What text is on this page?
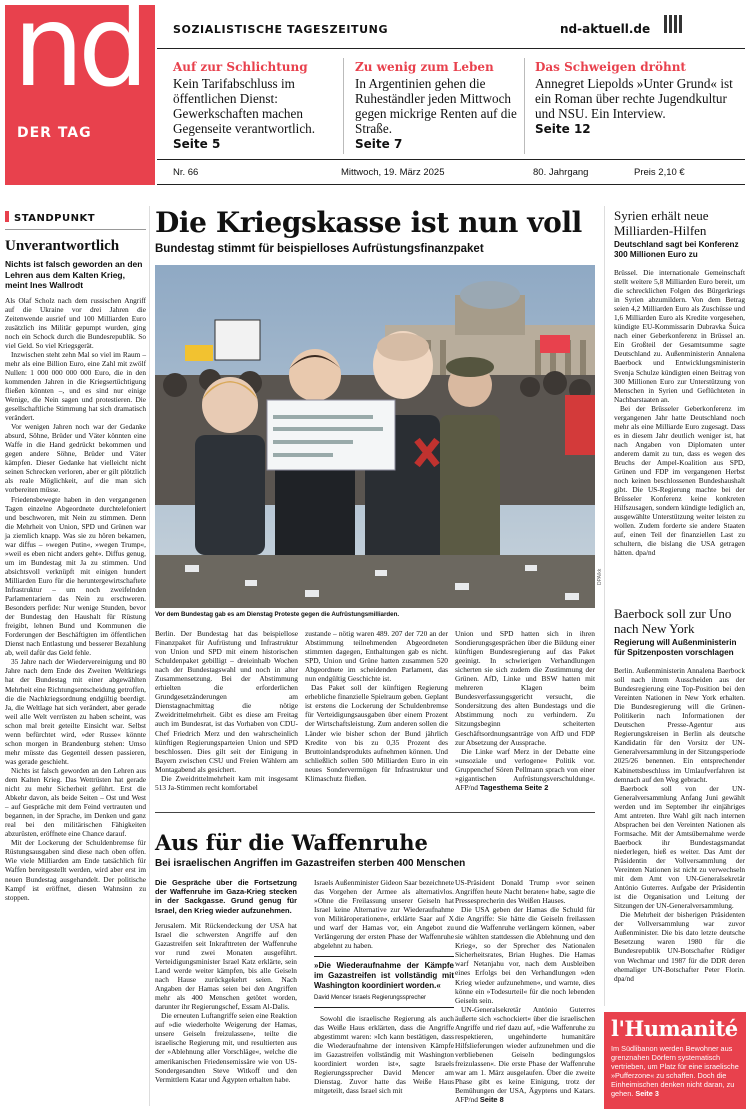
nd
DER TAG
SOZIALISTISCHE TAGESZEITUNG	nd-aktuell.de
Auf zur Schlichtung
Kein Tarifabschluss im öffentlichen Dienst: Gewerkschaften machen Gegenseite verantwortlich.
Seite 5
Zu wenig zum Leben
In Argentinien gehen die Ruheständler jeden Mittwoch gegen mickrige Renten auf die Straße.
Seite 7
Das Schweigen dröhnt
Annegret Liepolds »Unter Grund« ist ein Roman über rechte Jugendkultur und NSU. Ein Interview.
Seite 12
Nr. 66	Mittwoch, 19. März 2025	80. Jahrgang	Preis 2,10 €
STANDPUNKT
Unverantwortlich
Nichts ist falsch geworden an den Lehren aus dem Kalten Krieg, meint Ines Wallrodt

Als Olaf Scholz nach dem russischen Angriff auf die Ukraine vor drei Jahren die Zeitenwende ausrief und 100 Milliarden Euro zusätzlich ins Militär gepumpt wurden, ging noch ein Schock durch die Bundesrepublik. So viel Geld. So viel Kriegsgerät.

Inzwischen steht zehn Mal so viel im Raum – mehr als eine Billion Euro, eine Zahl mit zwölf Nullen: 1 000 000 000 000 Euro, die in den kommenden Jahren in die Kriegsertüchtigung fließen könnten –, und es sind nur einige Wenige, die Nein sagen und protestieren. Die gesellschaftliche Stimmung hat sich dramatisch verändert.

Vor wenigen Jahren noch war der Gedanke absurd, Söhne, Brüder und Väter könnten eine Waffe in die Hand gedrückt bekommen und gegen andere Söhne, Brüder und Väter kämpfen. Dieser Gedanke hat vielleicht nicht seinen Schrecken verloren, aber er gilt plötzlich als reale Möglichkeit, auf die man sich vorbereiten müsse.

Friedensbewegte haben in den vergangenen Tagen einzelne Abgeordnete durchtelefoniert und beschworen, mit Nein zu stimmen. Denn die Mehrheit von Union, SPD und Grünen war ja ziemlich knapp. Was sie zu hören bekamen, war diffus – »wegen Putin«, »wegen Trump«, »weil es eben nicht anders geht«. Diffus genug, um im Bundestag mit Ja zu stimmen. Und absichtsvoll verknüpft mit einigen hundert Milliarden Euro für die heruntergewirtschaftete Infrastruktur – um noch zweifelnden Parlamentariern das Nein zu erschweren. Besonders perfide: Nur wenige Stunden, bevor der Bundestag den Haushalt für Rüstung freigibt, lehnen Bund und Kommunen die Forderungen der Beschäftigten im öffentlichen Dienst nach Entlastung und besserer Bezahlung ab, weil dafür das Geld fehle.

35 Jahre nach der Wiedervereinigung und 80 Jahre nach dem Ende des Zweiten Weltkriegs hat der Bundestag mit einer abgewählten Mehrheit eine Richtungsentscheidung getroffen, die die Nachkriegsordnung endgültig beerdigt. Ja, die Weltlage hat sich verändert, aber gerade weil alle Welt verrüsten zu haben scheint, was schon mal breit geteilte Einsicht war. Selbst wenn befürchtet wird, »der Russe« könnte schon morgen in Brandenburg stehen: Umso mehr müsste das Gegenteil dessen passieren, was gerade geschieht.

Nichts ist falsch geworden an den Lehren aus dem Kalten Krieg. Das Wettrüsten hat gerade nicht zu mehr Sicherheit geführt. Erst die Abkehr davon, als beide Seiten – Ost und West – auf Gespräche mit dem Feind vertrauten und begannen, in der Sprache, im Denken und ganz real bei den militärischen Fähigkeiten abzurüsten, eröffnete eine Chance darauf.

Mit der Lockerung der Schuldenbremse für Rüstungsausgaben sind diese nach oben offen. Wie viele Milliarden am Ende tatsächlich für Waffen bereitgestellt werden, wird aber erst im neuen Bundestag ausgehandelt. Der politische Kampf ist eröffnet, diesen Wahnsinn zu stoppen.

Die Kriegskasse ist nun voll
Bundestag stimmt für beispielloses Aufrüstungsfinanzpaket
DPA/kk
Vor dem Bundestag gab es am Dienstag Proteste gegen die Aufrüstungsmilliarden.

Berlin. Der Bundestag hat das beispiellose Finanzpaket für Aufrüstung und Infrastruktur von Union und SPD mit einem historischen Schuldenpaket gebilligt – dreieinhalb Wochen nach der Bundestagswahl und noch in alter Zusammensetzung. Bei der Abstimmung erhielten die erforderlichen Grundgesetzänderungen am Dienstagnachmittag die nötige Zweidrittelmehrheit. Gibt es diese am Freitag auch im Bundesrat, ist das Vorhaben von CDU-Chef Friedrich Merz und den wahrscheinlich künftigen Regierungsparteien Union und SPD beschlossen. Dies gilt seit der Einigung in Bayern zwischen CSU und Freien Wählern am Montagabend als gesichert.

Die Zweidrittelmehrheit kam mit insgesamt 513 Ja-Stimmen recht komfortabel

zustande – nötig waren 489. 207 der 720 an der Abstimmung teilnehmenden Abgeordneten stimmten dagegen, Enthaltungen gab es nicht. SPD, Union und Grüne hatten zusammen 520 Abgeordnete im scheidenden Parlament, das nun endgültig Geschichte ist.

Das Paket soll der künftigen Regierung erhebliche finanzielle Spielraum geben. Geplant ist erstens die Lockerung der Schuldenbremse für Verteidigungsausgaben über einem Prozent der Wirtschaftsleistung. Zum anderen sollen die Länder wie bisher schon der Bund jährlich Kredite von bis zu 0,35 Prozent des Bruttoinlandsprodukts aufnehmen können. Und schließlich sollen 500 Milliarden Euro in ein neues Sondervermögen für Infrastruktur und Klimaschutz fließen.

Union und SPD hatten sich in ihren Sondierungsgesprächen über die Bildung einer künftigen Bundesregierung auf das Paket geeinigt. In schwierigen Verhandlungen sicherten sie sich zudem die Zustimmung der Grünen. AfD, Linke und BSW hatten mit mehreren Klagen beim Bundesverfassungsgericht versucht, die Sondersitzung des alten Bundestags und die Abstimmung noch zu verhindern. Zu Sitzungsbeginn scheiterten Geschäftsordnungsanträge von AfD und FDP zur Absetzung der Aussprache.

Die Linke warf Merz in der Debatte eine »unsoziale und verlogene« Politik vor. Gruppenchef Sören Pellmann sprach von einer »gigantischen Aufrüstungsverschuldung«. AFP/nd Tagesthema Seite 2

Aus für die Waffenruhe
Bei israelischen Angriffen im Gazastreifen sterben 400 Menschen
Die Gespräche über die Fortsetzung der Waffenruhe im Gaza-Krieg stecken in der Sackgasse. Grund genug für Israel, den Krieg wieder aufzunehmen.

Jerusalem. Mit Rückendeckung der USA hat Israel die schwersten Angriffe auf den Gazastreifen seit Inkrafttreten der Waffenruhe vor rund zwei Monaten ausgeführt. Verteidigungsminister Israel Katz erklärte, sein Land werde weiter kämpfen, bis alle Geiseln nach Hause zurückgekehrt seien. Nach Angaben der Hamas seien bei den Angriffen mehr als 400 Menschen getötet worden, darunter ihr Regierungschef, Essam Al-Dalis.

Die erneuten Luftangriffe seien eine Reaktion auf »die wiederholte Weigerung der Hamas, unsere Geiseln freizulassen«, teilte die israelische Regierung mit, und resultierten aus der »Ablehnung aller Vorschläge«, welche die amerikanischen Friedensemissäre wie von US-Sondergesandten Steve Witkoff und den Vermittlern Katar und Ägypten erhalten habe.

Israels Außenminister Gideon Saar bezeichnete das Vorgehen der Armee als alternativlos. »Ohne die Freilassung unserer Geiseln hat Israel keine Alternative zur Wiederaufnahme von Militäroperationen«, erklärte Saar auf X und warf der Hamas vor, ein Angebot zu Verlängerung der ersten Phase der Waffenruhe abgelehnt zu haben.

»Die Wiederaufnahme der Kämpfe im Gazastreifen ist vollständig mit Washington koordiniert worden.«
David Mencer Israels Regierungssprecher

Sowohl die israelische Regierung als auch das Weiße Haus erklärten, dass die Angriffe abgestimmt waren: »Ich kann bestätigen, dass die Wiederaufnahme der intensiven Kämpfe im Gazastreifen vollständig mit Washington koordiniert worden ist«, sagte Israels Regierungssprecher David Mencer am Dienstag. Zuvor hatte das Weiße Haus mitgeteilt, dass Israel sich mit

US-Präsident Donald Trump »vor seinen Angriffen heute Nacht beraten« habe, sagte die Pressesprecherin des Weißen Hauses.

Die USA geben der Hamas die Schuld für die Angriffe: Sie hätte die Geiseln freilassen und die Waffenruhe verlängern können, »aber sie wählten stattdessen die Ablehnung und den Krieg«, so der Sprecher des Nationalen Sicherheitsrates, Brian Hughes. Die Hamas warf Netanjahu vor, nach dem Ausbleiben eines Erfolgs bei den Verhandlungen »den Krieg wieder aufzunehmen«, und warnte, dies könne ein »Todesurteil« für die noch lebenden Geiseln sein.

UN-Generalsekretär António Guterres äußerte sich »schockiert« über die israelischen Angriffe und rief dazu auf, »die Waffenruhe zu respektieren, ungehinderte humanitäre Hilfslieferungen wieder aufzunehmen und die verbliebenen Geiseln bedingungslos freizulassen«. Die erste Phase der Waffenruhe war am 1. März ausgelaufen. Über die zweite Phase gibt es keine Einigung, trotz der Bemühungen der USA, Ägyptens und Katars. AFP/nd Seite 8

Syrien erhält neue Milliarden-Hilfen
Deutschland sagt bei Konferenz 300 Millionen Euro zu

Brüssel. Die internationale Gemeinschaft stellt weitere 5,8 Milliarden Euro bereit, um die schrecklichen Folgen des Bürgerkriegs in Syrien abzumildern. Von dem Betrag seien 4,2 Milliarden Euro als Zuschüsse und 1,6 Milliarden Euro als Kredite vorgesehen, kündigte EU-Kommissarin Dubravka Šuica nach einer Geberkonferenz in Brüssel an. Ein Großteil der Gesamtsumme sagte Deutschland zu. Außenministerin Annalena Baerbock und Entwicklungsministerin Svenja Schulze kündigten einen Beitrag von 300 Millionen Euro zur Unterstützung von Menschen in Syrien und Geflüchteten in Nachbarstaaten an.

Bei der Brüsseler Geberkonferenz im vergangenen Jahr hatte Deutschland noch mehr als eine Milliarde Euro zugesagt. Dass es in diesem Jahr deutlich weniger ist, hat nach Angaben von Diplomaten unter anderem damit zu tun, dass es wegen des Bruchs der Ampel-Koalition aus SPD, Grünen und FDP im vergangenen Herbst noch keinen beschlossenen Bundeshaushalt gibt. Die US-Regierung machte bei der Brüsseler Konferenz keine konkreten Hilfszusagen, sondern kündigte lediglich an, ausgewählte Unterstützung weiter leisten zu wollen. Zudem forderte sie andere Staaten auf, einen Teil der finanziellen Last zu schultern, die bislang die USA getragen hätten. dpa/nd

Baerbock soll zur Uno nach New York
Regierung will Außenministerin für Spitzenposten vorschlagen

Berlin. Außenministerin Annalena Baerbock soll nach ihrem Ausscheiden aus der Bundesregierung eine Top-Position bei den Vereinten Nationen in New York erhalten. Die Bundesregierung will die Grünen-Politikerin nach Informationen der Deutschen Presse-Agentur aus Regierungskreisen in Berlin als deutsche Kandidatin für den Vorsitz der UN-Generalversammlung in der Sitzungsperiode 2025/26 benennen. Ein entsprechender Kabinettsbeschluss im Umlaufverfahren ist demnach auf den Weg gebracht.

Baerbock soll von der UN-Generalversammlung Anfang Juni gewählt werden und im September ihr einjähriges Amt antreten. Ihre Wahl gilt nach internen Absprachen bei den Vereinten Nationen als Formsache. Mit der Amtsübernahme werde Baerbock ihr Bundestagsmandat niederlegen, hieß es weiter. Das Amt der Präsidentin der Vollversammlung der Vereinten Nationen ist nicht zu verwechseln mit dem Amt von UN-Generalsekretär António Guterres. Aufgabe der Präsidentin ist die Organisation und Leitung der Sitzungen der UN-Generalversammlung.

Die Mehrheit der bisherigen Präsidenten der Vollversammlung war zuvor Außenminister. Die bis dato letzte deutsche Besetzung waren 1980 für die Bundesrepublik UN-Botschafter Rüdiger von Wechmar und 1987 für die DDR deren ehemaliger UN-Botschafter Peter Florin. dpa/nd

l'Humanité
Im Südlibanon werden Bewohner aus grenznahen Dörfern systematisch vertrieben, um Platz für eine israelische »Pufferzone« zu schaffen. Doch die Einheimischen denken nicht daran, zu gehen. Seite 3
